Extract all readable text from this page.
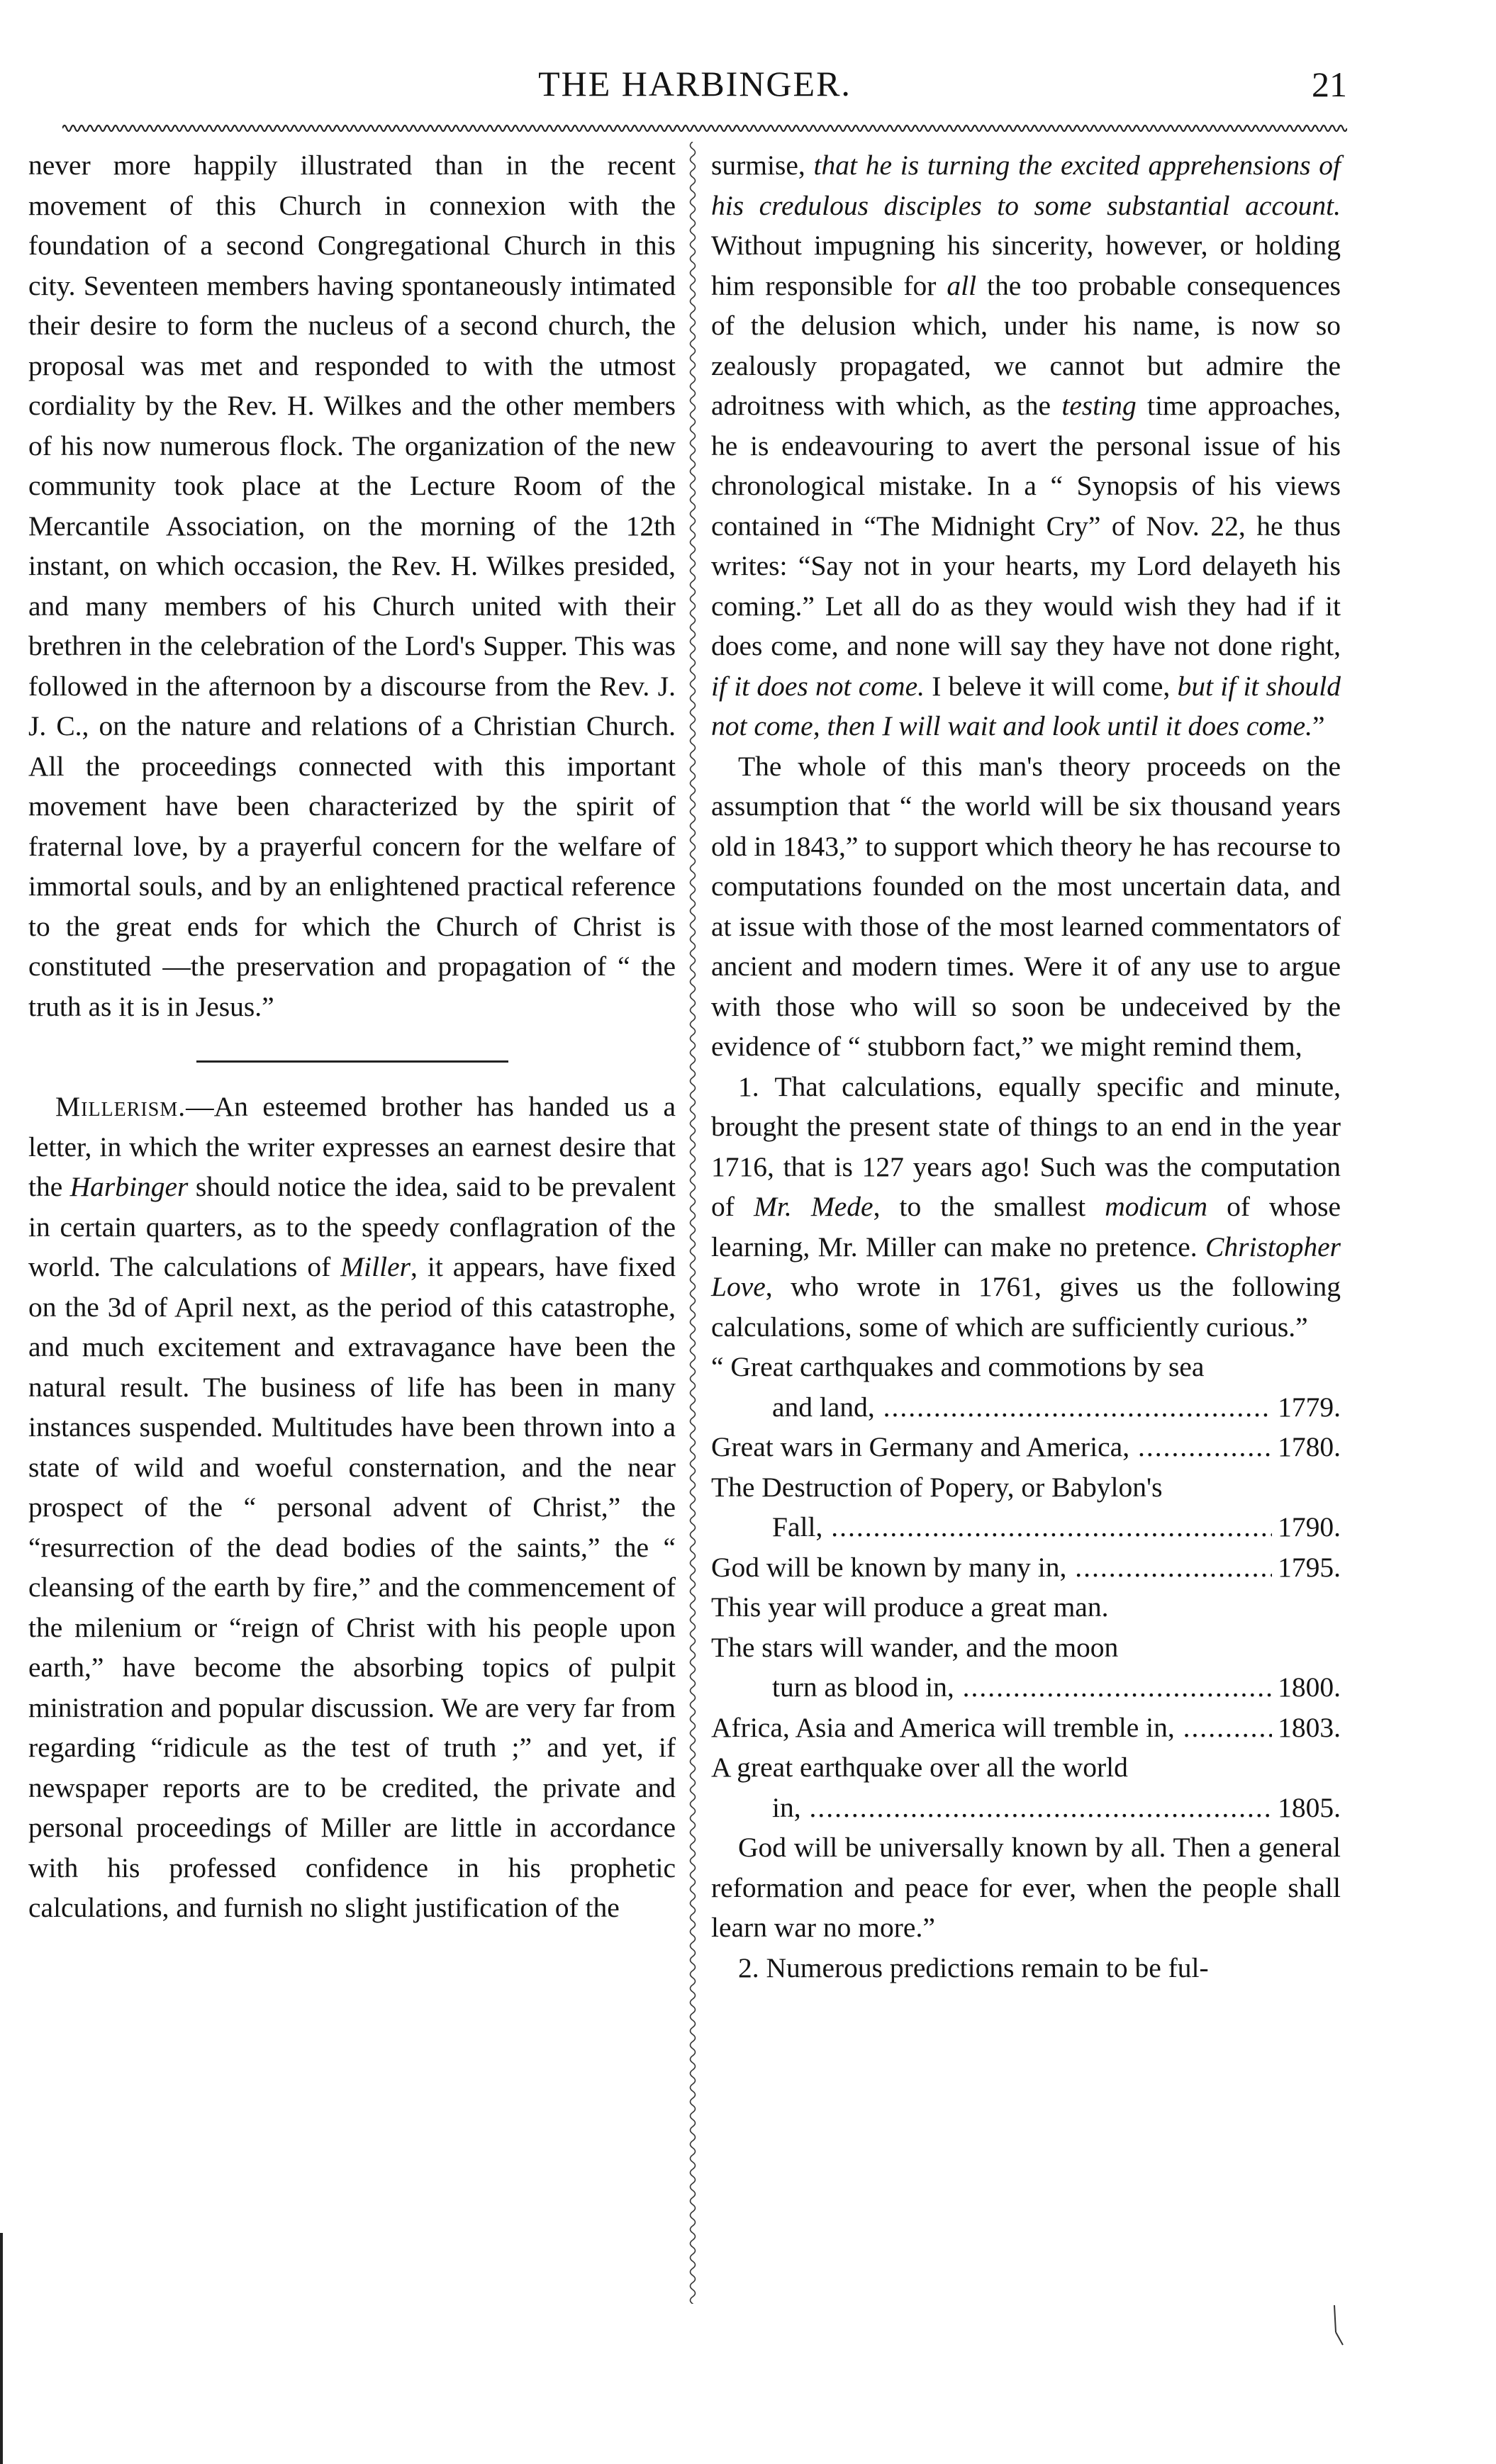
THE HARBINGER.	21

never more happily illustrated than in the recent movement of this Church in connexion with the foundation of a second Congregational Church in this city. Seventeen members having spontaneously intimated their desire to form the nucleus of a second church, the proposal was met and responded to with the utmost cordiality by the Rev. H. Wilkes and the other members of his now numerous flock. The organization of the new community took place at the Lecture Room of the Mercantile Association, on the morning of the 12th instant, on which occasion, the Rev. H. Wilkes presided, and many members of his Church united with their brethren in the celebration of the Lord's Supper. This was followed in the afternoon by a discourse from the Rev. J. J. C., on the nature and relations of a Christian Church. All the proceedings connected with this important movement have been characterized by the spirit of fraternal love, by a prayerful concern for the welfare of immortal souls, and by an enlightened practical reference to the great ends for which the Church of Christ is constituted —the preservation and propagation of “ the truth as it is in Jesus.”

Millerism.—An esteemed brother has handed us a letter, in which the writer expresses an earnest desire that the Harbinger should notice the idea, said to be prevalent in certain quarters, as to the speedy conflagration of the world. The calculations of Miller, it appears, have fixed on the 3d of April next, as the period of this catastrophe, and much excitement and extravagance have been the natural result. The business of life has been in many instances suspended. Multitudes have been thrown into a state of wild and woeful consternation, and the near prospect of the “ personal advent of Christ,” the “resurrection of the dead bodies of the saints,” the “ cleansing of the earth by fire,” and the commencement of the milenium or “reign of Christ with his people upon earth,” have become the absorbing topics of pulpit ministration and popular discussion. We are very far from regarding “ridicule as the test of truth ;” and yet, if newspaper reports are to be credited, the private and personal proceedings of Miller are little in accordance with his professed confidence in his prophetic calculations, and furnish no slight justification of the

surmise, that he is turning the excited apprehensions of his credulous disciples to some substantial account. Without impugning his sincerity, however, or holding him responsible for all the too probable consequences of the delusion which, under his name, is now so zealously propagated, we cannot but admire the adroitness with which, as the testing time approaches, he is endeavouring to avert the personal issue of his chronological mistake. In a “ Synopsis of his views contained in “The Midnight Cry” of Nov. 22, he thus writes: “Say not in your hearts, my Lord delayeth his coming.” Let all do as they would wish they had if it does come, and none will say they have not done right, if it does not come. I beleve it will come, but if it should not come, then I will wait and look until it does come.”

The whole of this man's theory proceeds on the assumption that “ the world will be six thousand years old in 1843,” to support which theory he has recourse to computations founded on the most uncertain data, and at issue with those of the most learned commentators of ancient and modern times. Were it of any use to argue with those who will so soon be undeceived by the evidence of “ stubborn fact,” we might remind them,

1. That calculations, equally specific and minute, brought the present state of things to an end in the year 1716, that is 127 years ago! Such was the computation of Mr. Mede, to the smallest modicum of whose learning, Mr. Miller can make no pretence. Christopher Love, who wrote in 1761, gives us the following calculations, some of which are sufficiently curious.”

“ Great carthquakes and commotions by sea
and land, .....	1779.
Great wars in Germany and America, .....	1780.
The Destruction of Popery, or Babylon's
Fall, .....	1790.
God will be known by many in, .....	1795.
This year will produce a great man.
The stars will wander, and the moon
turn as blood in, .....	1800.
Africa, Asia and America will tremble in, .....	1803.
A great earthquake over all the world
in, .....	1805.

God will be universally known by all. Then a general reformation and peace for ever, when the people shall learn war no more.”

2. Numerous predictions remain to be ful-
